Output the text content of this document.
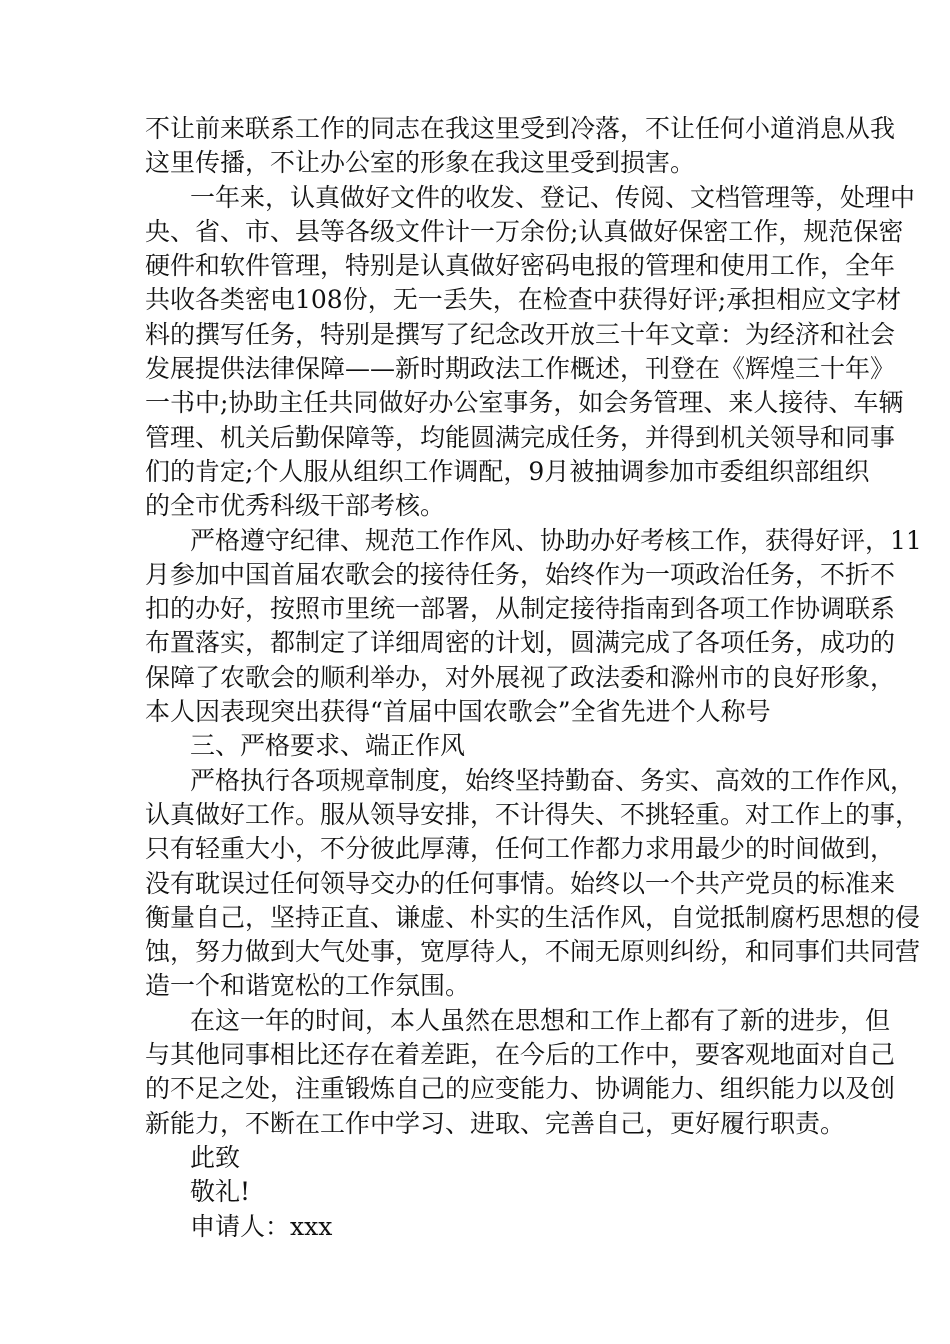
不让前来联系工作的同志在我这里受到冷落，不让任何小道消息从我
这里传播，不让办公室的形象在我这里受到损害。
一年来，认真做好文件的收发、登记、传阅、文档管理等，处理中
央、省、市、县等各级文件计一万余份;认真做好保密工作，规范保密
硬件和软件管理，特别是认真做好密码电报的管理和使用工作，全年
共收各类密电108份，无一丢失，在检查中获得好评;承担相应文字材
料的撰写任务，特别是撰写了纪念改开放三十年文章：为经济和社会
发展提供法律保障——新时期政法工作概述，刊登在《辉煌三十年》
一书中;协助主任共同做好办公室事务，如会务管理、来人接待、车辆
管理、机关后勤保障等，均能圆满完成任务，并得到机关领导和同事
们的肯定;个人服从组织工作调配，9月被抽调参加市委组织部组织
的全市优秀科级干部考核。
严格遵守纪律、规范工作作风、协助办好考核工作，获得好评，11
月参加中国首届农歌会的接待任务，始终作为一项政治任务，不折不
扣的办好，按照市里统一部署，从制定接待指南到各项工作协调联系
布置落实，都制定了详细周密的计划，圆满完成了各项任务，成功的
保障了农歌会的顺利举办，对外展视了政法委和滁州市的良好形象，
本人因表现突出获得“首届中国农歌会”全省先进个人称号
三、严格要求、端正作风
严格执行各项规章制度，始终坚持勤奋、务实、高效的工作作风，
认真做好工作。服从领导安排，不计得失、不挑轻重。对工作上的事，
只有轻重大小，不分彼此厚薄，任何工作都力求用最少的时间做到，
没有耽误过任何领导交办的任何事情。始终以一个共产党员的标准来
衡量自己，坚持正直、谦虚、朴实的生活作风，自觉抵制腐朽思想的侵
蚀，努力做到大气处事，宽厚待人，不闹无原则纠纷，和同事们共同营
造一个和谐宽松的工作氛围。
在这一年的时间，本人虽然在思想和工作上都有了新的进步，但
与其他同事相比还存在着差距，在今后的工作中，要客观地面对自己
的不足之处，注重锻炼自己的应变能力、协调能力、组织能力以及创
新能力，不断在工作中学习、进取、完善自己，更好履行职责。
此致
敬礼!
申请人：xxx
